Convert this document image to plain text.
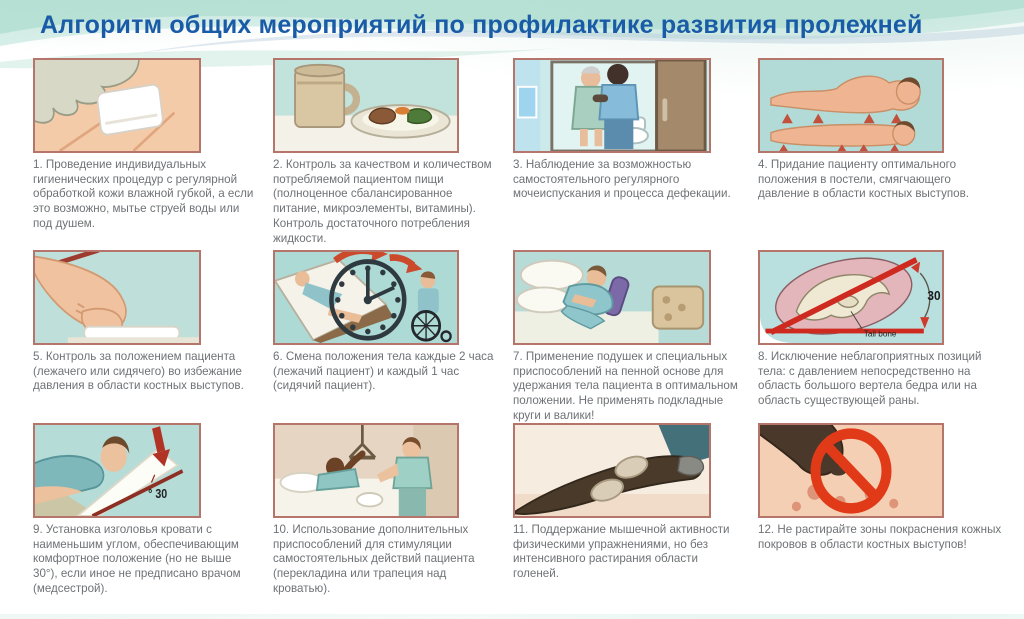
Алгоритм общих мероприятий по профилактике развития пролежней
1. Проведение индивидуальных гигиенических процедур с регулярной обработкой кожи влажной губкой, а если это возможно, мытье струей воды или под душем.
2. Контроль за качеством и количеством потребляемой пациентом пищи (полноценное сбалансированное питание, микроэлементы, витамины). Контроль достаточного потребления жидкости.
3. Наблюдение за возможностью самостоятельного регулярного мочеиспускания и процесса дефекации.
4. Придание пациенту оптимального положения в постели, смягчающего давление в области костных выступов.
5. Контроль за положением пациента (лежачего или сидячего) во избежание давления в области костных выступов.
6. Смена положения тела каждые 2 часа (лежачий пациент) и каждый 1 час (сидячий пациент).
7. Применение подушек и специальных приспособлений на пенной основе для удержания тела пациента в оптимальном положении. Не применять подкладные круги и валики!
30
Tail bone
8. Исключение неблагоприятных позиций тела: с давлением непосредственно на область большого вертела бедра или на область существующей раны.
° 30
9. Установка изголовья кровати с наименьшим углом, обеспечивающим комфортное положение (но не выше 30°), если иное не предписано врачом (медсестрой).
10. Использование дополнительных приспособлений для стимуляции самостоятельных действий пациента (перекладина или трапеция над кроватью).
11. Поддержание мышечной активности физическими упражнениями, но без интенсивного растирания области голеней.
12. Не растирайте зоны покраснения кожных покровов в области костных выступов!
